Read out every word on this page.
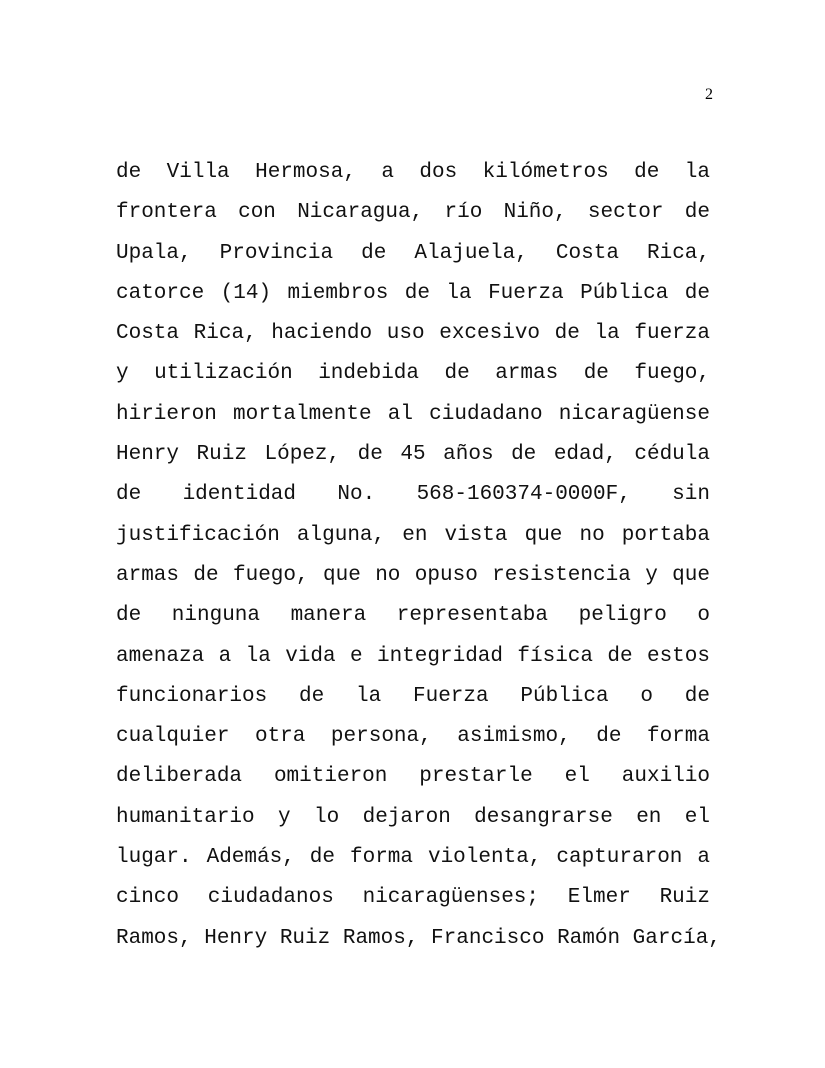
2
de Villa Hermosa, a dos kilómetros de la
frontera con Nicaragua, río Niño, sector de
Upala, Provincia de Alajuela, Costa Rica,
catorce (14) miembros de la Fuerza Pública de
Costa Rica, haciendo uso excesivo de la fuerza
y utilización indebida de armas de fuego,
hirieron mortalmente al ciudadano nicaragüense
Henry Ruiz López, de 45 años de edad, cédula
de identidad No. 568-160374-0000F, sin
justificación alguna, en vista que no portaba
armas de fuego, que no opuso resistencia y que
de ninguna manera representaba peligro o
amenaza a la vida e integridad física de estos
funcionarios de la Fuerza Pública o de
cualquier otra persona, asimismo, de forma
deliberada omitieron prestarle el auxilio
humanitario y lo dejaron desangrarse en el
lugar. Además, de forma violenta, capturaron a
cinco ciudadanos nicaragüenses; Elmer Ruiz
Ramos, Henry Ruiz Ramos, Francisco Ramón García,
